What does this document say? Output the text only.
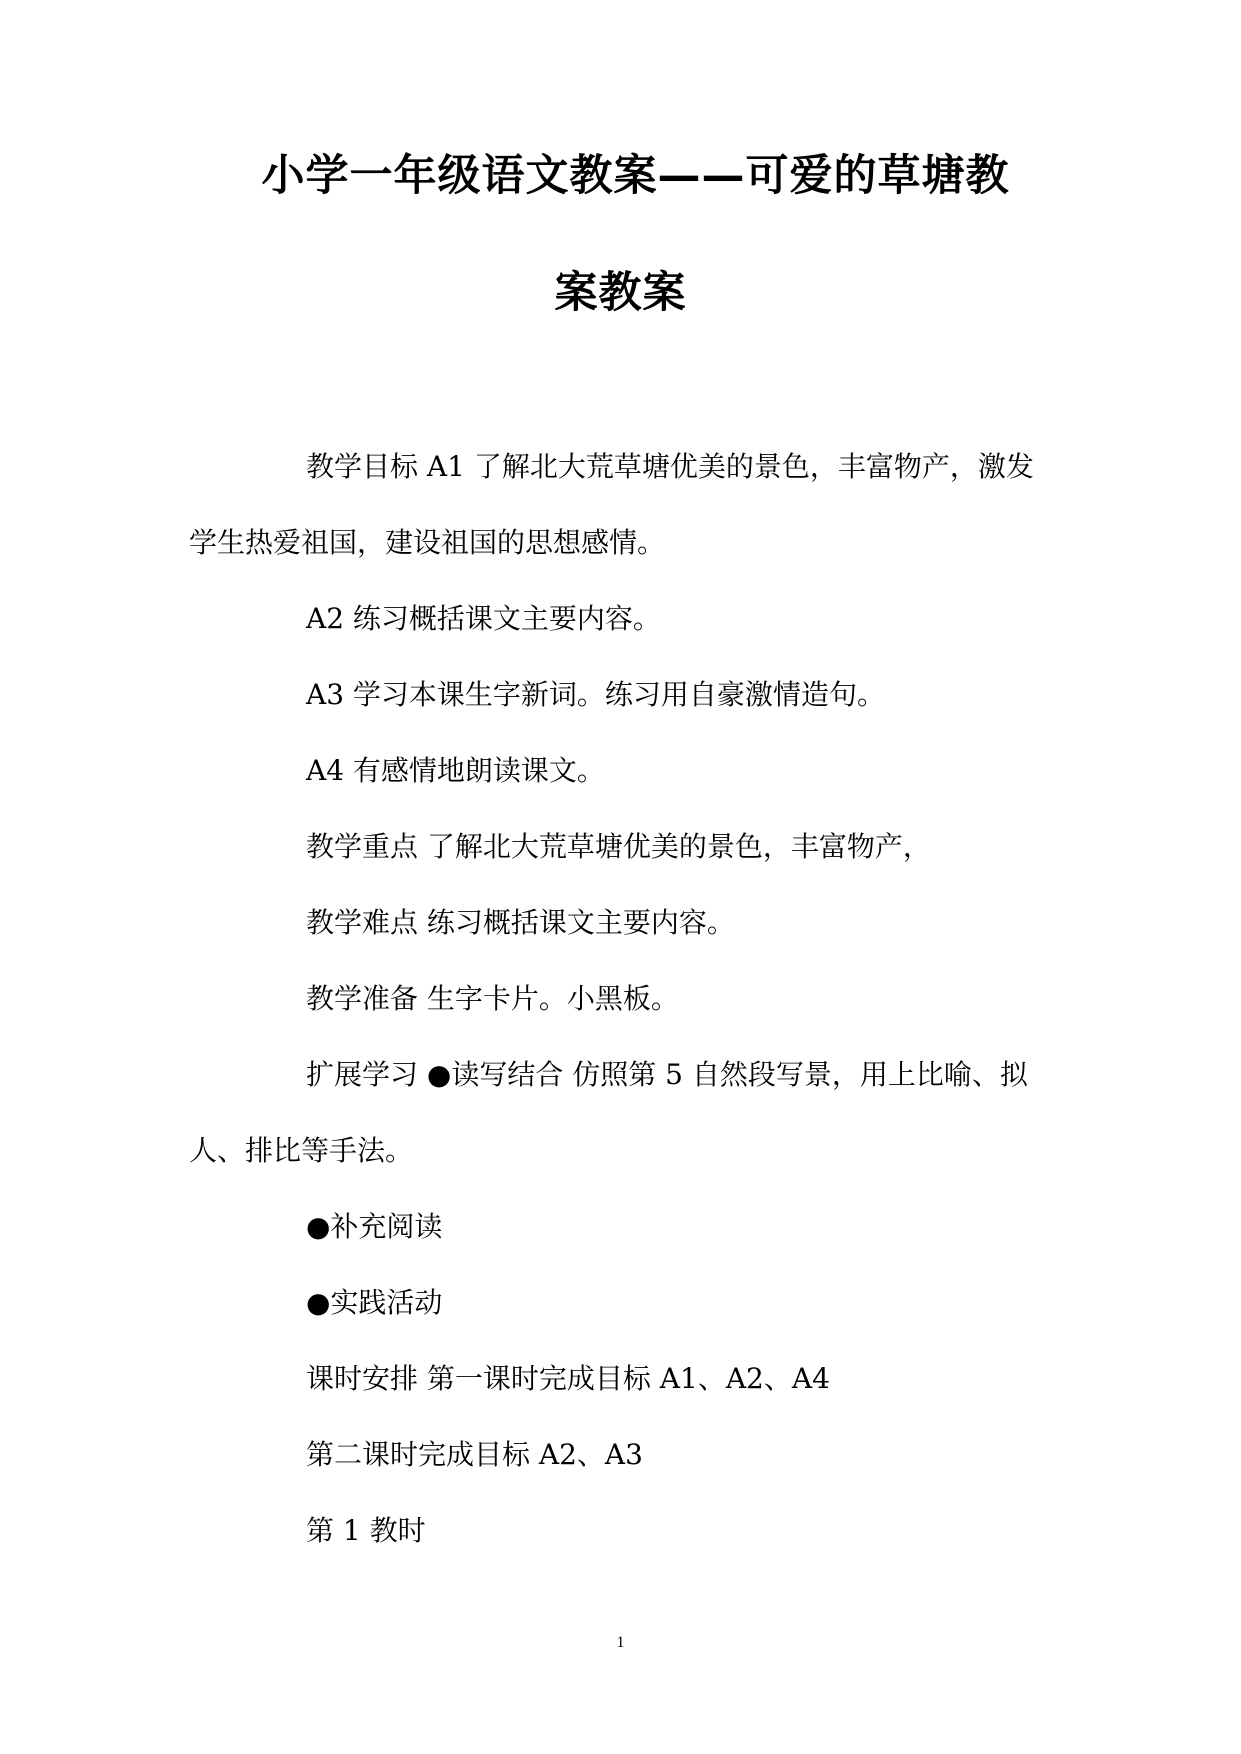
小学一年级语文教案——可爱的草塘教
案教案
教学目标 A1 了解北大荒草塘优美的景色，丰富物产，激发
学生热爱祖国，建设祖国的思想感情。
A2 练习概括课文主要内容。
A3 学习本课生字新词。练习用自豪激情造句。
A4 有感情地朗读课文。
教学重点 了解北大荒草塘优美的景色，丰富物产，
教学难点 练习概括课文主要内容。
教学准备 生字卡片。小黑板。
扩展学习 ●读写结合 仿照第 5 自然段写景，用上比喻、拟
人、排比等手法。
●补充阅读
●实践活动
课时安排 第一课时完成目标 A1、A2、A4
第二课时完成目标 A2、A3
第 1 教时
1
